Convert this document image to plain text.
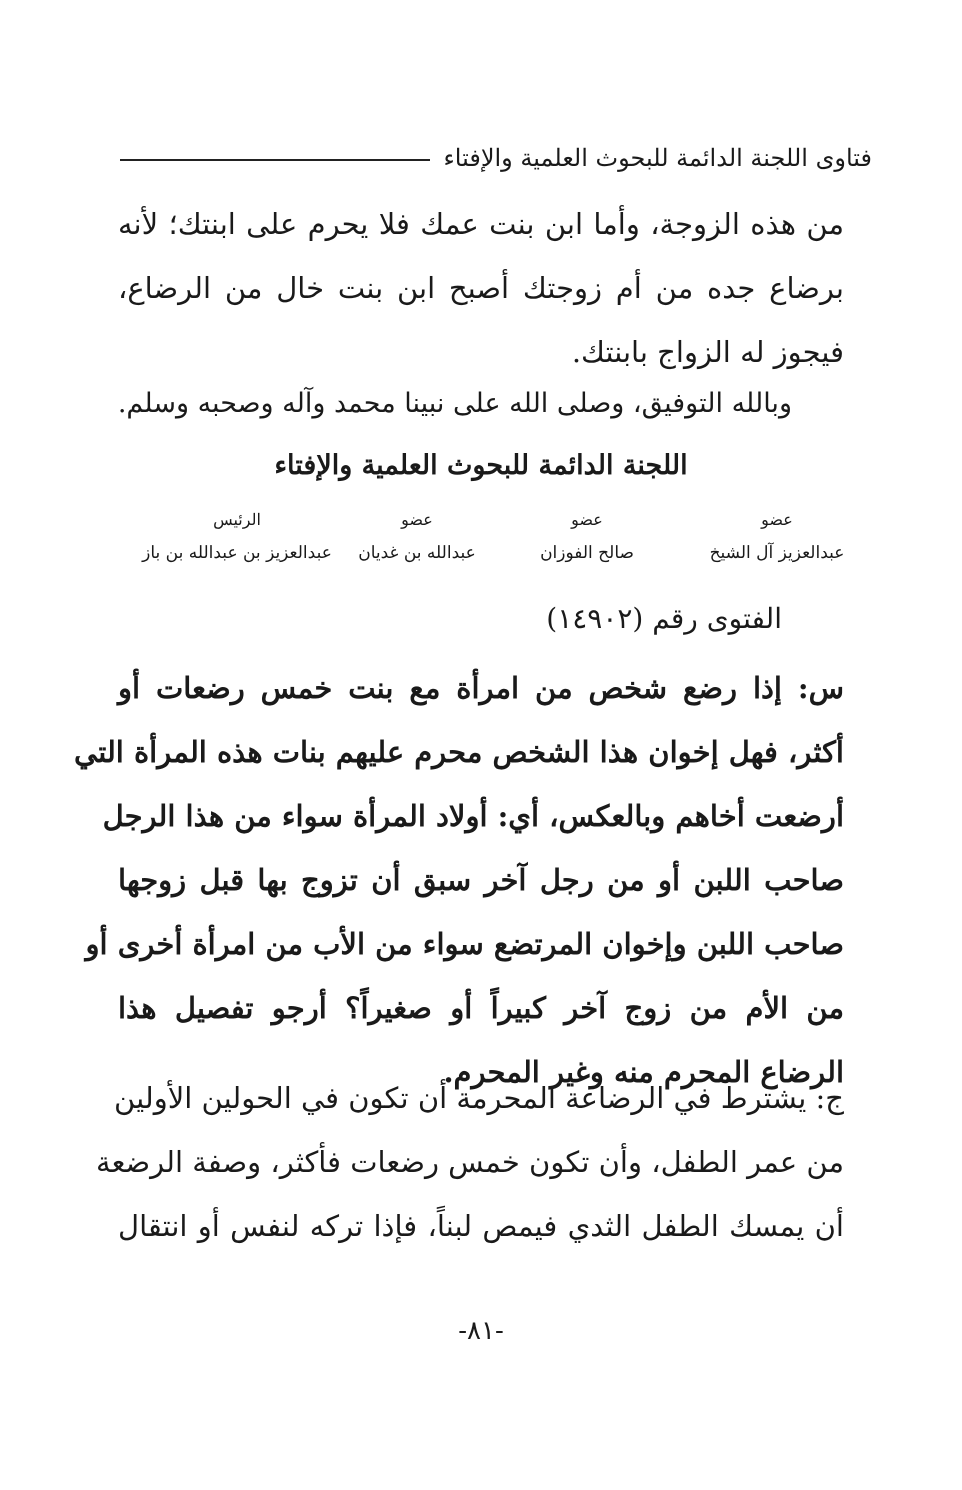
فتاوى اللجنة الدائمة للبحوث العلمية والإفتاء
من هذه الزوجة، وأما ابن بنت عمك فلا يحرم على ابنتك؛ لأنه
برضاع جده من أم زوجتك أصبح ابن بنت خال من الرضاع،
فيجوز له الزواج بابنتك.
وبالله التوفيق، وصلى الله على نبينا محمد وآله وصحبه وسلم.
اللجنة الدائمة للبحوث العلمية والإفتاء
عضو
عبدالعزيز آل الشيخ
عضو
صالح الفوزان
عضو
عبدالله بن غديان
الرئيس
عبدالعزيز بن عبدالله بن باز
الفتوى رقم (١٤٩٠٢)
س: إذا رضع شخص من امرأة مع بنت خمس رضعات أو
أكثر، فهل إخوان هذا الشخص محرم عليهم بنات هذه المرأة التي
أرضعت أخاهم وبالعكس، أي: أولاد المرأة سواء من هذا الرجل
صاحب اللبن أو من رجل آخر سبق أن تزوج بها قبل زوجها
صاحب اللبن وإخوان المرتضع سواء من الأب من امرأة أخرى أو
من الأم من زوج آخر كبيراً أو صغيراً؟ أرجو تفصيل هذا
الرضاع المحرم منه وغير المحرم.
ج: يشترط في الرضاعة المحرمة أن تكون في الحولين الأولين
من عمر الطفل، وأن تكون خمس رضعات فأكثر، وصفة الرضعة
أن يمسك الطفل الثدي فيمص لبناً، فإذا تركه لنفس أو انتقال
-٨١-
